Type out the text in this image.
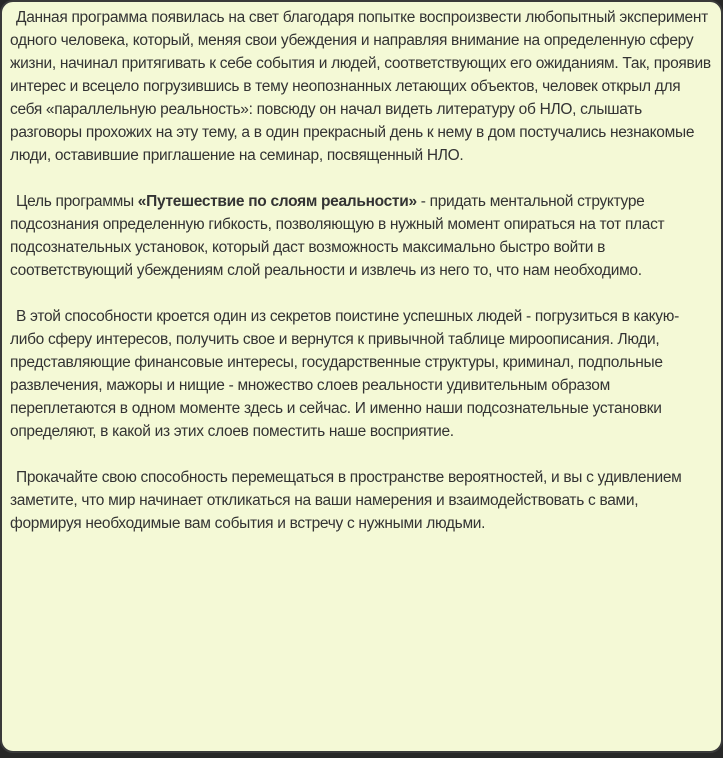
Данная программа появилась на свет благодаря попытке воспроизвести любопытный эксперимент одного человека, который, меняя свои убеждения и направляя внимание на определенную сферу жизни, начинал притягивать к себе события и людей, соответствующих его ожиданиям. Так, проявив интерес и всецело погрузившись в тему неопознанных летающих объектов, человек открыл для себя «параллельную реальность»: повсюду он начал видеть литературу об НЛО, слышать разговоры прохожих на эту тему, а в один прекрасный день к нему в дом постучались незнакомые люди, оставившие приглашение на семинар, посвященный НЛО.

Цель программы «Путешествие по слоям реальности» - придать ментальной структуре подсознания определенную гибкость, позволяющую в нужный момент опираться на тот пласт подсознательных установок, который даст возможность максимально быстро войти в соответствующий убеждениям слой реальности и извлечь из него то, что нам необходимо.

В этой способности кроется один из секретов поистине успешных людей - погрузиться в какую-либо сферу интересов, получить свое и вернутся к привычной таблице мироописания. Люди, представляющие финансовые интересы, государственные структуры, криминал, подпольные развлечения, мажоры и нищие - множество слоев реальности удивительным образом переплетаются в одном моменте здесь и сейчас. И именно наши подсознательные установки определяют, в какой из этих слоев поместить наше восприятие.

Прокачайте свою способность перемещаться в пространстве вероятностей, и вы с удивлением заметите, что мир начинает откликаться на ваши намерения и взаимодействовать с вами, формируя необходимые вам события и встречу с нужными людьми.
